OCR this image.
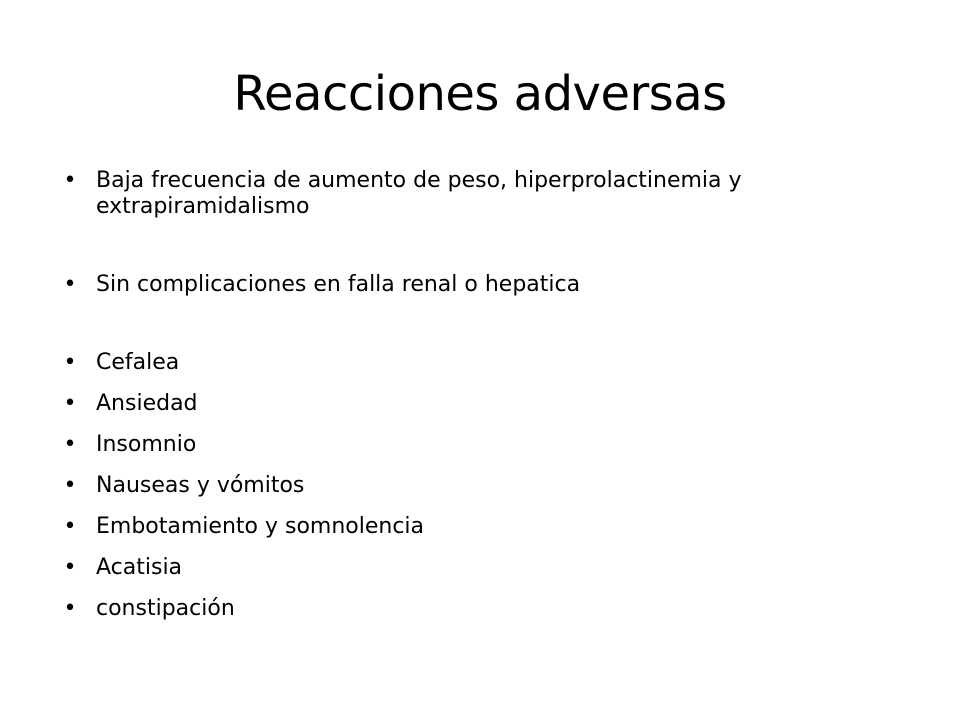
Reacciones adversas
• Baja frecuencia de aumento de peso, hiperprolactinemia y extrapiramidalismo
• Sin complicaciones en falla renal o hepatica
• Cefalea
• Ansiedad
• Insomnio
• Nauseas y vómitos
• Embotamiento y somnolencia
• Acatisia
• constipación
